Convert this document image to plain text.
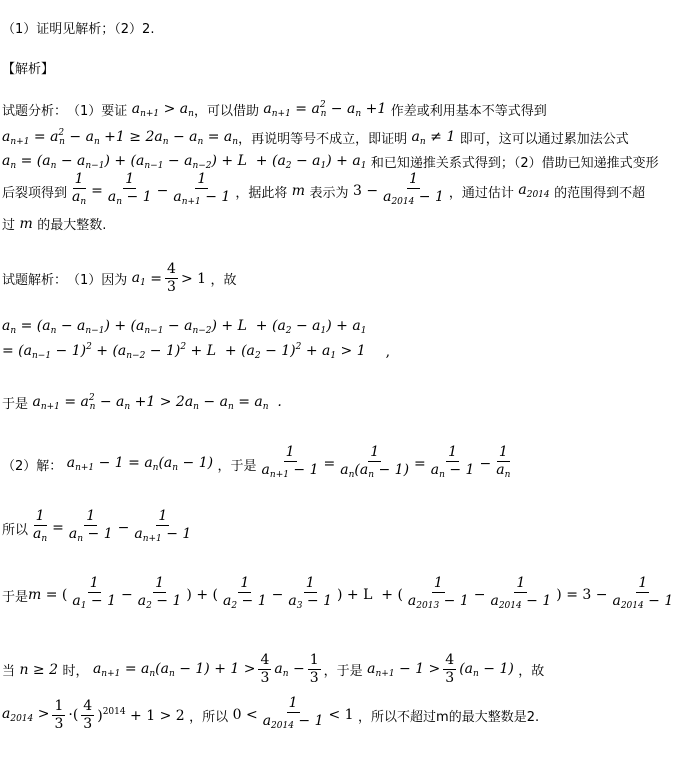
（1）证明见解析；（2）2.
【解析】
试题分析： （1）要证 $a_{n+1} > a_n$ ，可以借助 $a_{n+1} = a^2_n - a_n +1$ 作差或利用基本不等式得到
$a_{n+1} = a^2_n - a_n +1 \ge 2a_n - a_n = a_n$ ，再说明等号不成立，即证明 $a_n \ne 1$ 即可，这可以通过累加法公式
$a_n = (a_n - a_{n-1}) + (a_{n-1} - a_{n-2}) + L + (a_2 - a_1) + a_1$ 和已知递推关系式得到；（2）借助已知递推式变形
后裂项得到 $\frac{1}{a_n} = \frac{1}{a_n - 1} - \frac{1}{a_{n+1} - 1}$ ，据此将 m 表示为 $3 - \frac{1}{a_{2014} - 1}$ ，通过估计 $a_{2014}$ 的范围得到不超
过 m 的最大整数.
试题解析： （1）因为 $a_1 = \frac{4}{3} > 1$ ，故
$a_n = (a_n - a_{n-1}) + (a_{n-1} - a_{n-2}) + L + (a_2 - a_1) + a_1$
= $(a_{n-1} - 1)^2 + (a_{n-2} - 1)^2 + L + (a_2 - 1)^2 + a_1 > 1$ ,
于是 $a_{n+1} = a^2_n - a_n +1 > 2a_n - a_n = a_n$  .
（2）解： $a_{n+1} - 1 = a_n(a_n - 1)$ ，于是 $\frac{1}{a_{n+1} - 1} = \frac{1}{a_n(a_n - 1)} = \frac{1}{a_n - 1} - \frac{1}{a_n}$
所以 $\frac{1}{a_n} = \frac{1}{a_n - 1} - \frac{1}{a_{n+1} - 1}$
于是 m = ( $\frac{1}{a_1 - 1} - \frac{1}{a_2 - 1}$ ) + ( $\frac{1}{a_2 - 1} - \frac{1}{a_3 - 1}$ ) + L  + ( $\frac{1}{a_{2013} - 1} - \frac{1}{a_{2014} - 1}$ ) = $3 - \frac{1}{a_{2014} - 1}$
当 n ≥ 2 时， $a_{n+1} = a_n(a_n - 1) + 1 > \frac{4}{3} a_n - \frac{1}{3}$ ，于是 $a_{n+1} - 1 > \frac{4}{3} (a_n - 1)$ ，故
$a_{2014} > \frac{1}{3}$ ·( $\frac{4}{3} )^{2014} + 1 > 2$ ，所以 $0 < \frac{1}{a_{2014} - 1} < 1$ ，所以不超过m的最大整数是2.
